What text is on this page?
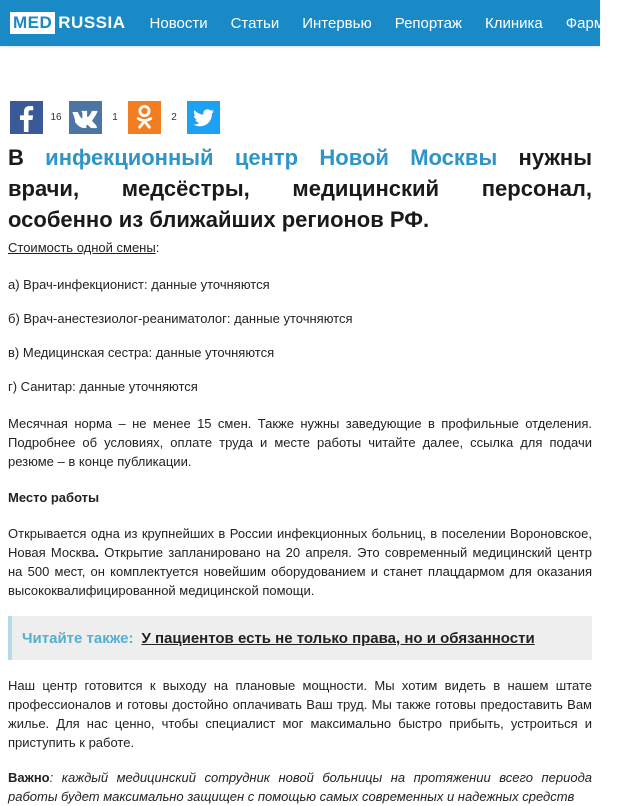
MED RUSSIA Новости Статьи Интервью Репортаж Клиника Фарма
16	1	2
В инфекционный центр Новой Москвы нужны врачи, медсёстры, медицинский персонал, особенно из ближайших регионов РФ.

Стоимость одной смены:

а) Врач-инфекционист: данные уточняются

б) Врач-анестезиолог-реаниматолог: данные уточняются

в) Медицинская сестра: данные уточняются

г) Санитар: данные уточняются

Месячная норма – не менее 15 смен. Также нужны заведующие в профильные отделения. Подробнее об условиях, оплате труда и месте работы читайте далее, ссылка для подачи резюме – в конце публикации.

Место работы

Открывается одна из крупнейших в России инфекционных больниц, в поселении Вороновское, Новая Москва. Открытие запланировано на 20 апреля. Это современный медицинский центр на 500 мест, он комплектуется новейшим оборудованием и станет плацдармом для оказания высококвалифицированной медицинской помощи.

Читайте также: У пациентов есть не только права, но и обязанности

Наш центр готовится к выходу на плановые мощности. Мы хотим видеть в нашем штате профессионалов и готовы достойно оплачивать Ваш труд. Мы также готовы предоставить Вам жилье. Для нас ценно, чтобы специалист мог максимально быстро прибыть, устроиться и приступить к работе.

Важно: каждый медицинский сотрудник новой больницы на протяжении всего периода работы будет максимально защищен с помощью самых современных и надежных средств
